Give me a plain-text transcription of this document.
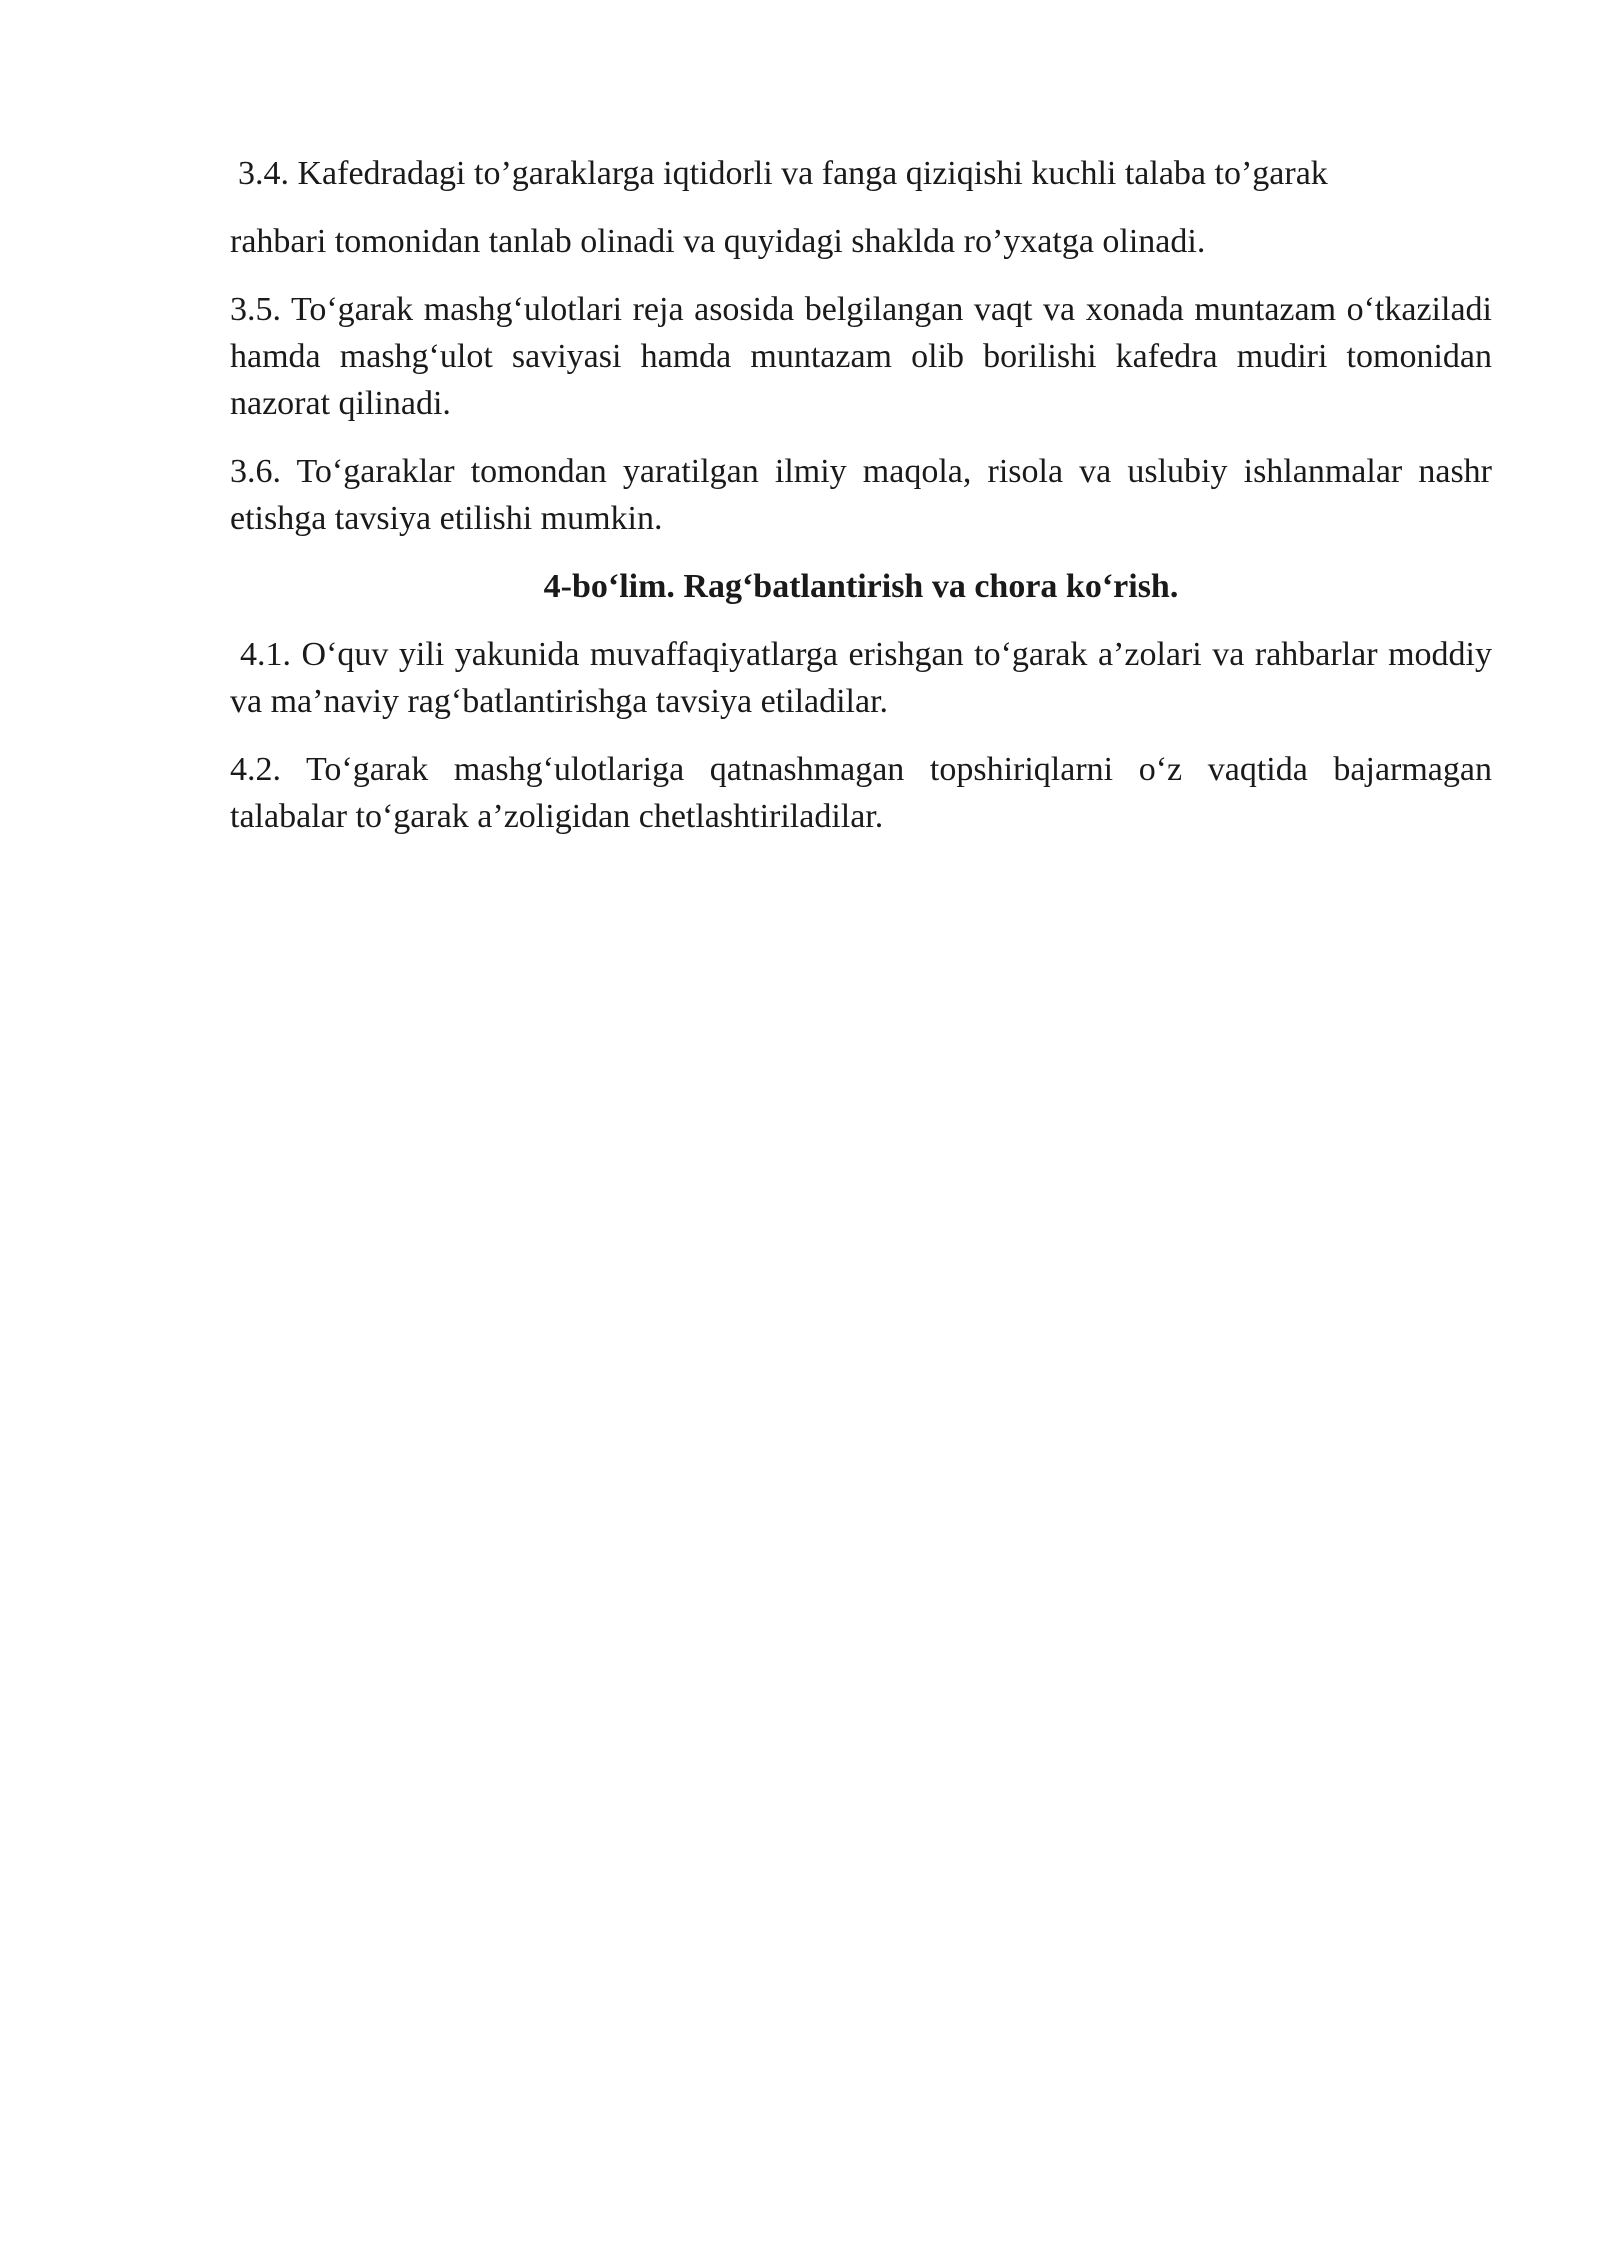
3.4. Kafedradagi to’garaklarga iqtidorli va fanga qiziqishi kuchli talaba to’garak
rahbari tomonidan tanlab olinadi va quyidagi shaklda ro’yxatga olinadi.

3.5. To‘garak mashg‘ulotlari reja asosida belgilangan vaqt va xonada muntazam o‘tkaziladi hamda mashg‘ulot saviyasi hamda muntazam olib borilishi kafedra mudiri tomonidan nazorat qilinadi.

3.6. To‘garaklar tomondan yaratilgan ilmiy maqola, risola va uslubiy ishlanmalar nashr etishga tavsiya etilishi mumkin.

4-bo‘lim. Rag‘batlantirish va chora ko‘rish.

4.1. O‘quv yili yakunida muvaffaqiyatlarga erishgan to‘garak a’zolari va rahbarlar moddiy va ma’naviy rag‘batlantirishga tavsiya etiladilar.

4.2. To‘garak mashg‘ulotlariga qatnashmagan topshiriqlarni o‘z vaqtida bajarmagan talabalar to‘garak a’zoligidan chetlashtiriladilar.
